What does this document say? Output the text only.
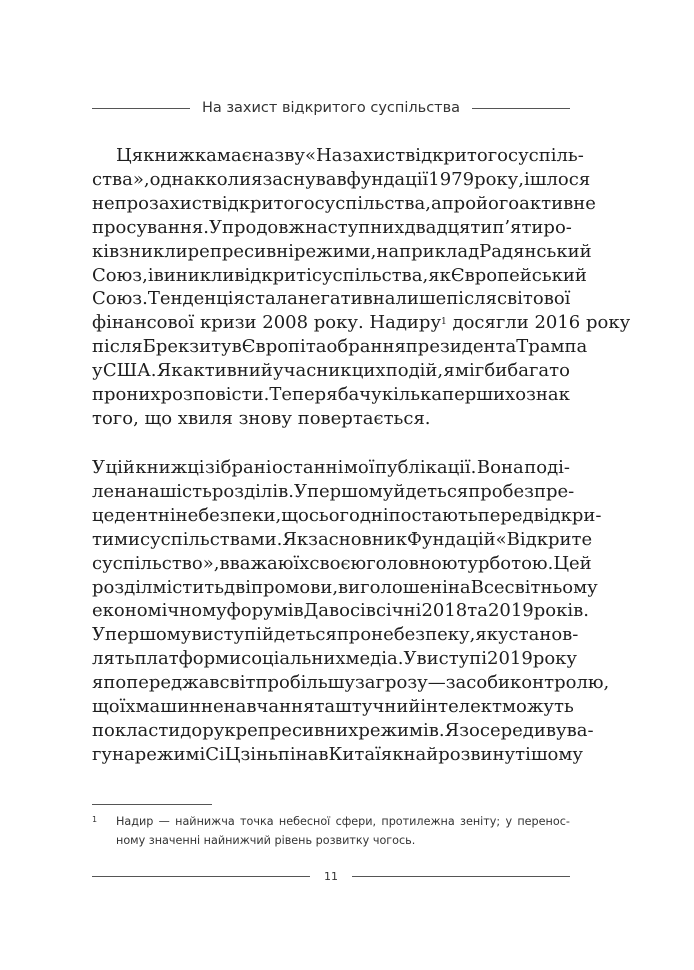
На захист відкритого суспільства
Ця книжка має назву «На захист відкритого суспіль-
ства», однак коли я заснував фундації 1979 року, ішлося
не про захист відкритого суспільства, а про його активне
просування. Упродовж наступних двадцяти п’яти ро-
ків зникли репресивні режими, наприклад Радянський
Союз, і виникли відкриті суспільства, як Європейський
Союз. Тенденція стала негативна лише після світової
фінансової кризи 2008 року. Надиру 1 досягли 2016 року
після Брекзиту в Європі та обрання президента Трампа
у США. Як активний учасник цих подій, я міг би багато
про них розповісти. Тепер я бачу кілька перших ознак
того, що хвиля знову повертається.
У цій книжці зібрані останні мої публікації. Вона поді-
лена на шість розділів. У першому йдеться про безпре-
цедентні небезпеки, що сьогодні постають перед відкри-
тими суспільствами. Як засновник Фундацій «Відкрите
суспільство», вважаю їх своєю головною турботою. Цей
розділ містить дві промови, виголошені на Всесвітньому
економічному форумі в Давосі в січні 2018 та 2019 років.
У першому виступі йдеться про небезпеку, яку станов-
лять платформи соціальних медіа. У виступі 2019 року
я попереджав світ про більшу загрозу — засоби контролю,
що їх машинне навчання та штучний інтелект можуть
покласти до рук репресивних режимів. Я зосередив ува-
гу на режимі Сі Цзіньпіна в Китаї як найрозвинутішому
1 Надир — найнижча точка небесної сфери, протилежна зеніту; у перенос-
ному значенні найнижчий рівень розвитку чогось.
11
